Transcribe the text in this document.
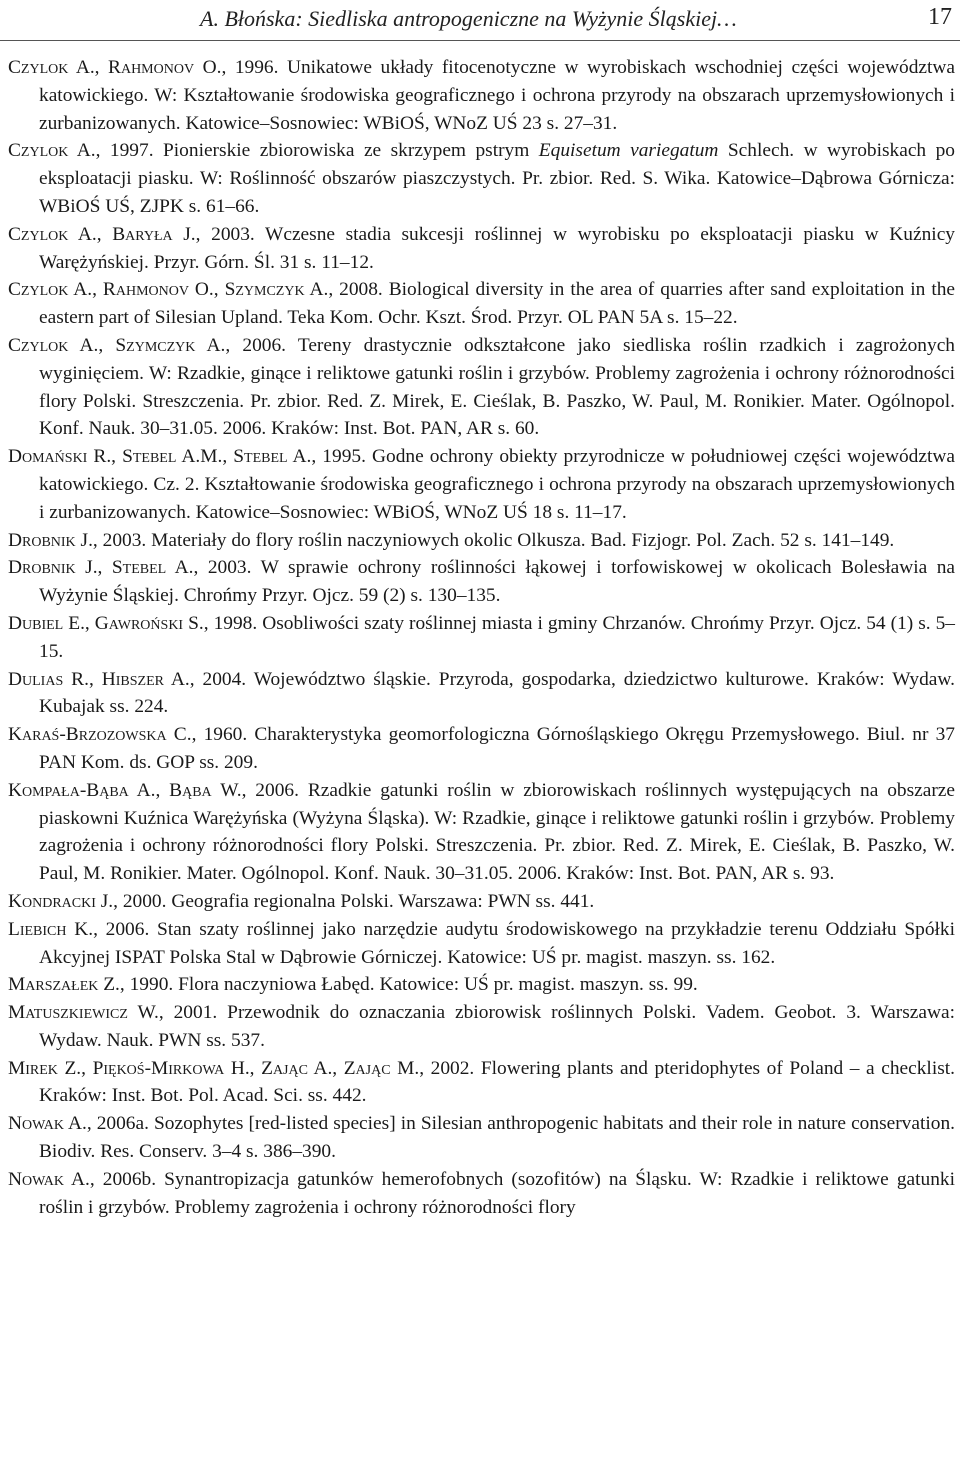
A. Błońska: Siedliska antropogeniczne na Wyżynie Śląskiej…	17

Czylok A., Rahmonov O., 1996. Unikatowe układy fitocenotyczne w wyrobiskach wschodniej części województwa katowickiego. W: Kształtowanie środowiska geograficznego i ochrona przyrody na obszarach uprzemysłowionych i zurbanizowanych. Katowice–Sosnowiec: WBiOŚ, WNoZ UŚ 23 s. 27–31.

Czylok A., 1997. Pionierskie zbiorowiska ze skrzypem pstrym Equisetum variegatum Schlech. w wyrobiskach po eksploatacji piasku. W: Roślinność obszarów piaszczystych. Pr. zbior. Red. S. Wika. Katowice–Dąbrowa Górnicza: WBiOŚ UŚ, ZJPK s. 61–66.

Czylok A., Baryła J., 2003. Wczesne stadia sukcesji roślinnej w wyrobisku po eksploatacji piasku w Kuźnicy Warężyńskiej. Przyr. Górn. Śl. 31 s. 11–12.

Czylok A., Rahmonov O., Szymczyk A., 2008. Biological diversity in the area of quarries after sand exploitation in the eastern part of Silesian Upland. Teka Kom. Ochr. Kszt. Środ. Przyr. OL PAN 5A s. 15–22.

Czylok A., Szymczyk A., 2006. Tereny drastycznie odkształcone jako siedliska roślin rzadkich i zagrożonych wyginięciem. W: Rzadkie, ginące i reliktowe gatunki roślin i grzybów. Problemy zagrożenia i ochrony różnorodności flory Polski. Streszczenia. Pr. zbior. Red. Z. Mirek, E. Cieślak, B. Paszko, W. Paul, M. Ronikier. Mater. Ogólnopol. Konf. Nauk. 30–31.05. 2006. Kraków: Inst. Bot. PAN, AR s. 60.

Domański R., Stebel A.M., Stebel A., 1995. Godne ochrony obiekty przyrodnicze w południowej części województwa katowickiego. Cz. 2. Kształtowanie środowiska geograficznego i ochrona przyrody na obszarach uprzemysłowionych i zurbanizowanych. Katowice–Sosnowiec: WBiOŚ, WNoZ UŚ 18 s. 11–17.

Drobnik J., 2003. Materiały do flory roślin naczyniowych okolic Olkusza. Bad. Fizjogr. Pol. Zach. 52 s. 141–149.

Drobnik J., Stebel A., 2003. W sprawie ochrony roślinności łąkowej i torfowiskowej w okolicach Bolesławia na Wyżynie Śląskiej. Chrońmy Przyr. Ojcz. 59 (2) s. 130–135.

Dubiel E., Gawroński S., 1998. Osobliwości szaty roślinnej miasta i gminy Chrzanów. Chrońmy Przyr. Ojcz. 54 (1) s. 5–15.

Dulias R., Hibszer A., 2004. Województwo śląskie. Przyroda, gospodarka, dziedzictwo kulturowe. Kraków: Wydaw. Kubajak ss. 224.

Karaś-Brzozowska C., 1960. Charakterystyka geomorfologiczna Górnośląskiego Okręgu Przemysłowego. Biul. nr 37 PAN Kom. ds. GOP ss. 209.

Kompała-Bąba A., Bąba W., 2006. Rzadkie gatunki roślin w zbiorowiskach roślinnych występujących na obszarze piaskowni Kuźnica Warężyńska (Wyżyna Śląska). W: Rzadkie, ginące i reliktowe gatunki roślin i grzybów. Problemy zagrożenia i ochrony różnorodności flory Polski. Streszczenia. Pr. zbior. Red. Z. Mirek, E. Cieślak, B. Paszko, W. Paul, M. Ronikier. Mater. Ogólnopol. Konf. Nauk. 30–31.05. 2006. Kraków: Inst. Bot. PAN, AR s. 93.

Kondracki J., 2000. Geografia regionalna Polski. Warszawa: PWN ss. 441.

Liebich K., 2006. Stan szaty roślinnej jako narzędzie audytu środowiskowego na przykładzie terenu Oddziału Spółki Akcyjnej ISPAT Polska Stal w Dąbrowie Górniczej. Katowice: UŚ pr. magist. maszyn. ss. 162.

Marszałek Z., 1990. Flora naczyniowa Łabęd. Katowice: UŚ pr. magist. maszyn. ss. 99.

Matuszkiewicz W., 2001. Przewodnik do oznaczania zbiorowisk roślinnych Polski. Vadem. Geobot. 3. Warszawa: Wydaw. Nauk. PWN ss. 537.

Mirek Z., Piękoś-Mirkowa H., Zając A., Zając M., 2002. Flowering plants and pteridophytes of Poland – a checklist. Kraków: Inst. Bot. Pol. Acad. Sci. ss. 442.

Nowak A., 2006a. Sozophytes [red-listed species] in Silesian anthropogenic habitats and their role in nature conservation. Biodiv. Res. Conserv. 3–4 s. 386–390.

Nowak A., 2006b. Synantropizacja gatunków hemerofobnych (sozofitów) na Śląsku. W: Rzadkie i reliktowe gatunki roślin i grzybów. Problemy zagrożenia i ochrony różnorodności flory
